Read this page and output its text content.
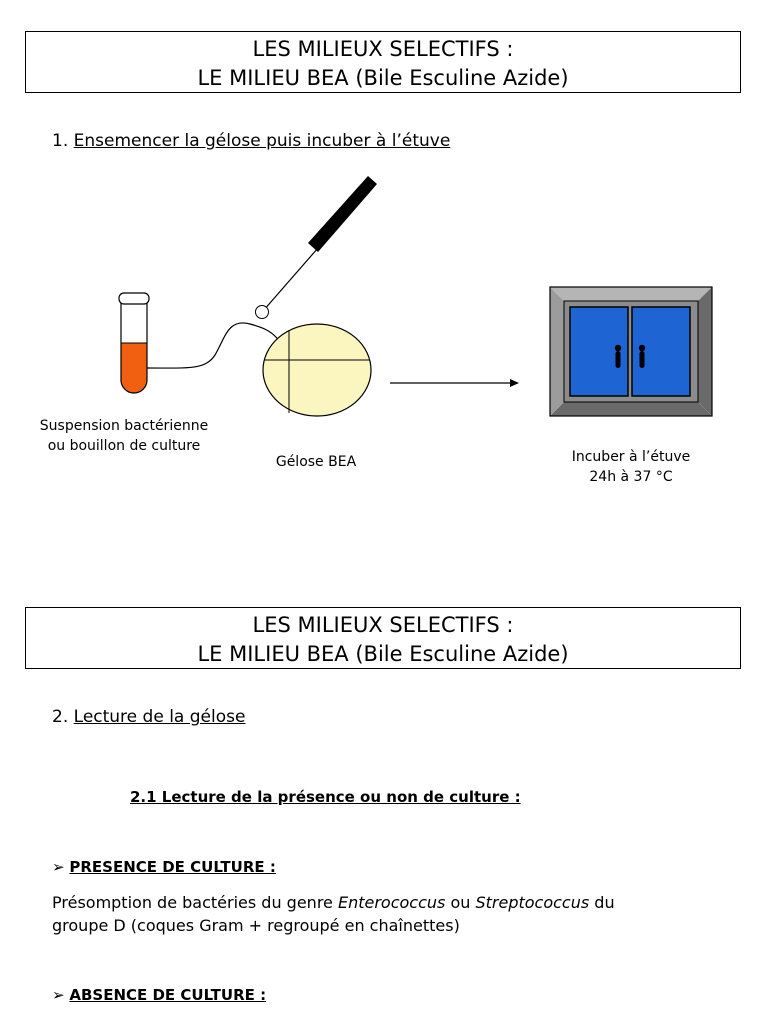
LES MILIEUX SELECTIFS :
LE MILIEU BEA (Bile Esculine Azide)
1. Ensemencer la gélose puis incuber à l’étuve
Suspension bactérienne
ou bouillon de culture
Gélose BEA	Incuber à l’étuve
24h à 37 °C
LES MILIEUX SELECTIFS :
LE MILIEU BEA (Bile Esculine Azide)
2. Lecture de la gélose
2.1 Lecture de la présence ou non de culture :
➢ PRESENCE DE CULTURE :
Présomption de bactéries du genre Enterococcus ou Streptococcus du
groupe D (coques Gram + regroupé en chaînettes)
➢ ABSENCE DE CULTURE :
